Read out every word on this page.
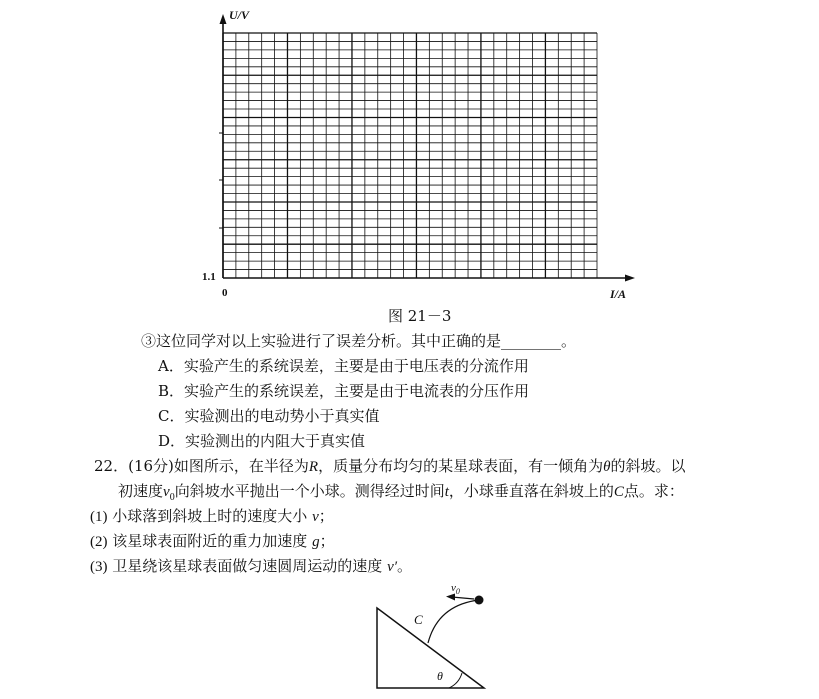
U/V
I/A
1.1
0
图 21－3
③这位同学对以上实验进行了误差分析。其中正确的是________。
A．实验产生的系统误差，主要是由于电压表的分流作用
B．实验产生的系统误差，主要是由于电流表的分压作用
C．实验测出的电动势小于真实值
D．实验测出的内阻大于真实值
22．(16分)如图所示，在半径为R，质量分布均匀的某星球表面，有一倾角为θ的斜坡。以
初速度$v_0$向斜坡水平抛出一个小球。测得经过时间t，小球垂直落在斜坡上的C点。求：
(1) 小球落到斜坡上时的速度大小 v；
(2) 该星球表面附近的重力加速度 g；
(3) 卫星绕该星球表面做匀速圆周运动的速度 v′。
$v_0$
C
θ
